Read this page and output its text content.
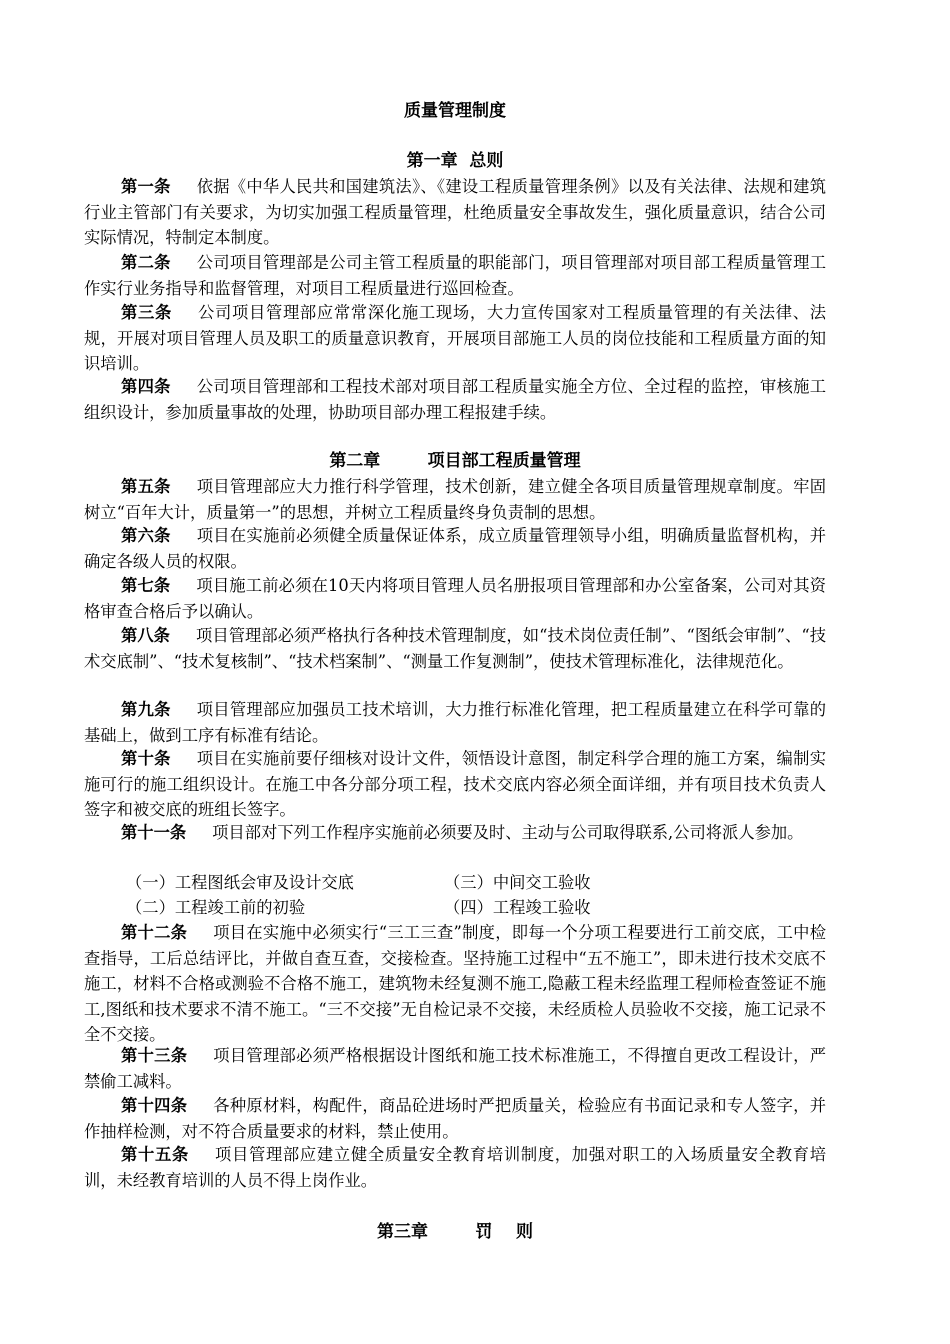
质量管理制度
第一章  总则
第一条 依据《中华人民共和国建筑法》、《建设工程质量管理条例》以及有关法律、法规和建筑行业主管部门有关要求，为切实加强工程质量管理，杜绝质量安全事故发生，强化质量意识，结合公司实际情况，特制定本制度。
第二条 公司项目管理部是公司主管工程质量的职能部门，项目管理部对项目部工程质量管理工作实行业务指导和监督管理，对项目工程质量进行巡回检查。
第三条 公司项目管理部应常常深化施工现场，大力宣传国家对工程质量管理的有关法律、法规，开展对项目管理人员及职工的质量意识教育，开展项目部施工人员的岗位技能和工程质量方面的知识培训。
第四条 公司项目管理部和工程技术部对项目部工程质量实施全方位、全过程的监控，审核施工组织设计，参加质量事故的处理，协助项目部办理工程报建手续。
第二章        项目部工程质量管理
第五条 项目管理部应大力推行科学管理，技术创新，建立健全各项目质量管理规章制度。牢固树立“百年大计，质量第一”的思想，并树立工程质量终身负责制的思想。
第六条 项目在实施前必须健全质量保证体系，成立质量管理领导小组，明确质量监督机构，并确定各级人员的权限。
第七条 项目施工前必须在10天内将项目管理人员名册报项目管理部和办公室备案，公司对其资格审查合格后予以确认。
第八条 项目管理部必须严格执行各种技术管理制度，如“技术岗位责任制”、“图纸会审制”、“技术交底制”、“技术复核制”、“技术档案制”、“测量工作复测制”，使技术管理标准化，法律规范化。
第九条 项目管理部应加强员工技术培训，大力推行标准化管理，把工程质量建立在科学可靠的基础上，做到工序有标准有结论。
第十条 项目在实施前要仔细核对设计文件，领悟设计意图，制定科学合理的施工方案，编制实施可行的施工组织设计。在施工中各分部分项工程，技术交底内容必须全面详细，并有项目技术负责人签字和被交底的班组长签字。
第十一条 项目部对下列工作程序实施前必须要及时、主动与公司取得联系,公司将派人参加。
（一）工程图纸会审及设计交底	（三）中间交工验收
（二）工程竣工前的初验	（四）工程竣工验收
第十二条 项目在实施中必须实行“三工三查”制度，即每一个分项工程要进行工前交底，工中检查指导，工后总结评比，并做自查互查，交接检查。坚持施工过程中“五不施工”，即未进行技术交底不施工，材料不合格或测验不合格不施工，建筑物未经复测不施工,隐蔽工程未经监理工程师检查签证不施工,图纸和技术要求不清不施工。“三不交接”无自检记录不交接，未经质检人员验收不交接，施工记录不全不交接。
第十三条 项目管理部必须严格根据设计图纸和施工技术标准施工，不得擅自更改工程设计，严禁偷工减料。
第十四条 各种原材料，构配件，商品砼进场时严把质量关，检验应有书面记录和专人签字，并作抽样检测，对不符合质量要求的材料，禁止使用。
第十五条 项目管理部应建立健全质量安全教育培训制度，加强对职工的入场质量安全教育培训，未经教育培训的人员不得上岗作业。
第三章        罚    则
